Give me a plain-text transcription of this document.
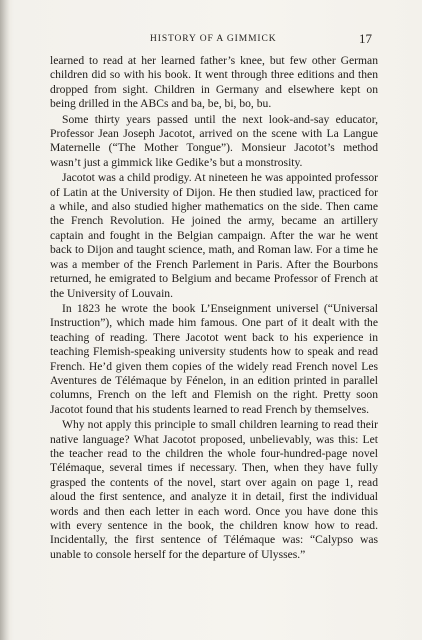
HISTORY OF A GIMMICK	17

learned to read at her learned father’s knee, but few other German children did so with his book. It went through three editions and then dropped from sight. Children in Germany and elsewhere kept on being drilled in the ABCs and ba, be, bi, bo, bu.

Some thirty years passed until the next look-and-say educator, Professor Jean Joseph Jacotot, arrived on the scene with La Langue Maternelle (“The Mother Tongue”). Monsieur Jacotot’s method wasn’t just a gimmick like Gedike’s but a monstrosity.

Jacotot was a child prodigy. At nineteen he was appointed professor of Latin at the University of Dijon. He then studied law, practiced for a while, and also studied higher mathematics on the side. Then came the French Revolution. He joined the army, became an artillery captain and fought in the Belgian campaign. After the war he went back to Dijon and taught science, math, and Roman law. For a time he was a member of the French Parlement in Paris. After the Bourbons returned, he emigrated to Belgium and became Professor of French at the University of Louvain.

In 1823 he wrote the book L’Enseignment universel (“Universal Instruction”), which made him famous. One part of it dealt with the teaching of reading. There Jacotot went back to his experience in teaching Flemish-speaking university students how to speak and read French. He’d given them copies of the widely read French novel Les Aventures de Télémaque by Fénelon, in an edition printed in parallel columns, French on the left and Flemish on the right. Pretty soon Jacotot found that his students learned to read French by themselves.

Why not apply this principle to small children learning to read their native language? What Jacotot proposed, unbelievably, was this: Let the teacher read to the children the whole four-hundred-page novel Télémaque, several times if necessary. Then, when they have fully grasped the contents of the novel, start over again on page 1, read aloud the first sentence, and analyze it in detail, first the individual words and then each letter in each word. Once you have done this with every sentence in the book, the children know how to read. Incidentally, the first sentence of Télémaque was: “Calypso was unable to console herself for the departure of Ulysses.”
